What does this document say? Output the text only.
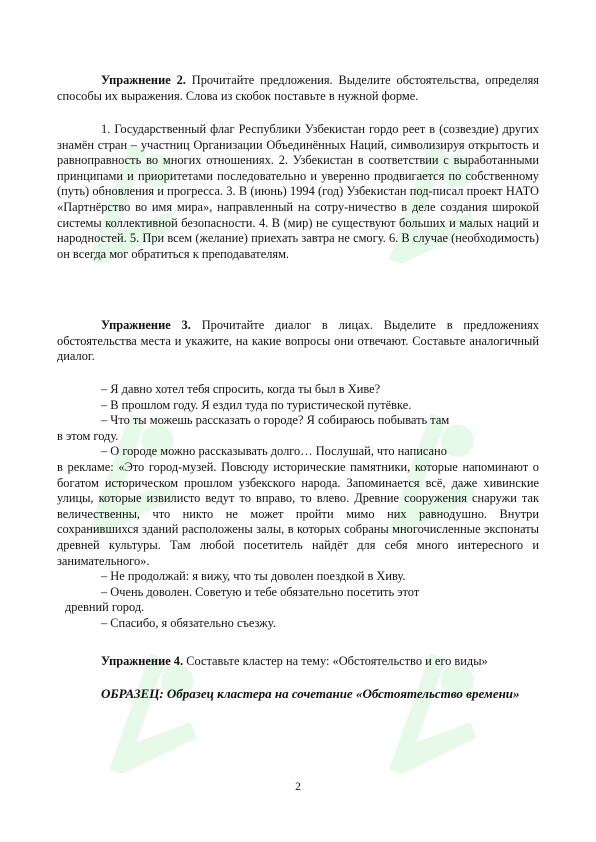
Упражнение 2. Прочитайте предложения. Выделите обстоятельства, определяя способы их выражения. Слова из скобок поставьте в нужной форме.

1. Государственный флаг Республики Узбекистан гордо реет в (созвездие) других знамён стран – участниц Организации Объединённых Наций, символизируя открытость и равноправность во многих отношениях. 2. Узбекистан в соответствии с выработанными принципами и приоритетами последовательно и уверенно продвигается по собственному (путь) обновления и прогресса. 3. В (июнь) 1994 (год) Узбекистан под-писал проект НАТО «Партнёрство во имя мира», направленный на сотру-ничество в деле создания широкой системы коллективной безопасности. 4. В (мир) не существуют больших и малых наций и народностей. 5. При всем (желание) приехать завтра не смогу. 6. В случае (необходимость) он всегда мог обратиться к преподавателям.

Упражнение 3. Прочитайте диалог в лицах. Выделите в предложениях обстоятельства места и укажите, на какие вопросы они отвечают. Составьте аналогичный диалог.

– Я давно хотел тебя спросить, когда ты был в Хиве?

– В прошлом году. Я ездил туда по туристической путёвке.

– Что ты можешь рассказать о городе? Я собираюсь побывать там

в этом году.

– О городе можно рассказывать долго… Послушай, что написано

в рекламе: «Это город-музей. Повсюду исторические памятники, которые напоминают о богатом историческом прошлом узбекского народа. Запоминается всё, даже хивинские улицы, которые извилисто ведут то вправо, то влево. Древние сооружения снаружи так величественны, что никто не может пройти мимо них равнодушно. Внутри сохранившихся зданий расположены залы, в которых собраны многочисленные экспонаты древней культуры. Там любой посетитель найдёт для себя много интересного и занимательного».

– Не продолжай: я вижу, что ты доволен поездкой в Хиву.

– Очень доволен. Советую и тебе обязательно посетить этот

древний город.

– Спасибо, я обязательно съезжу.

Упражнение 4. Составьте кластер на тему: «Обстоятельство и его виды»

ОБРАЗЕЦ: Образец кластера на сочетание «Обстоятельство времени»

2
